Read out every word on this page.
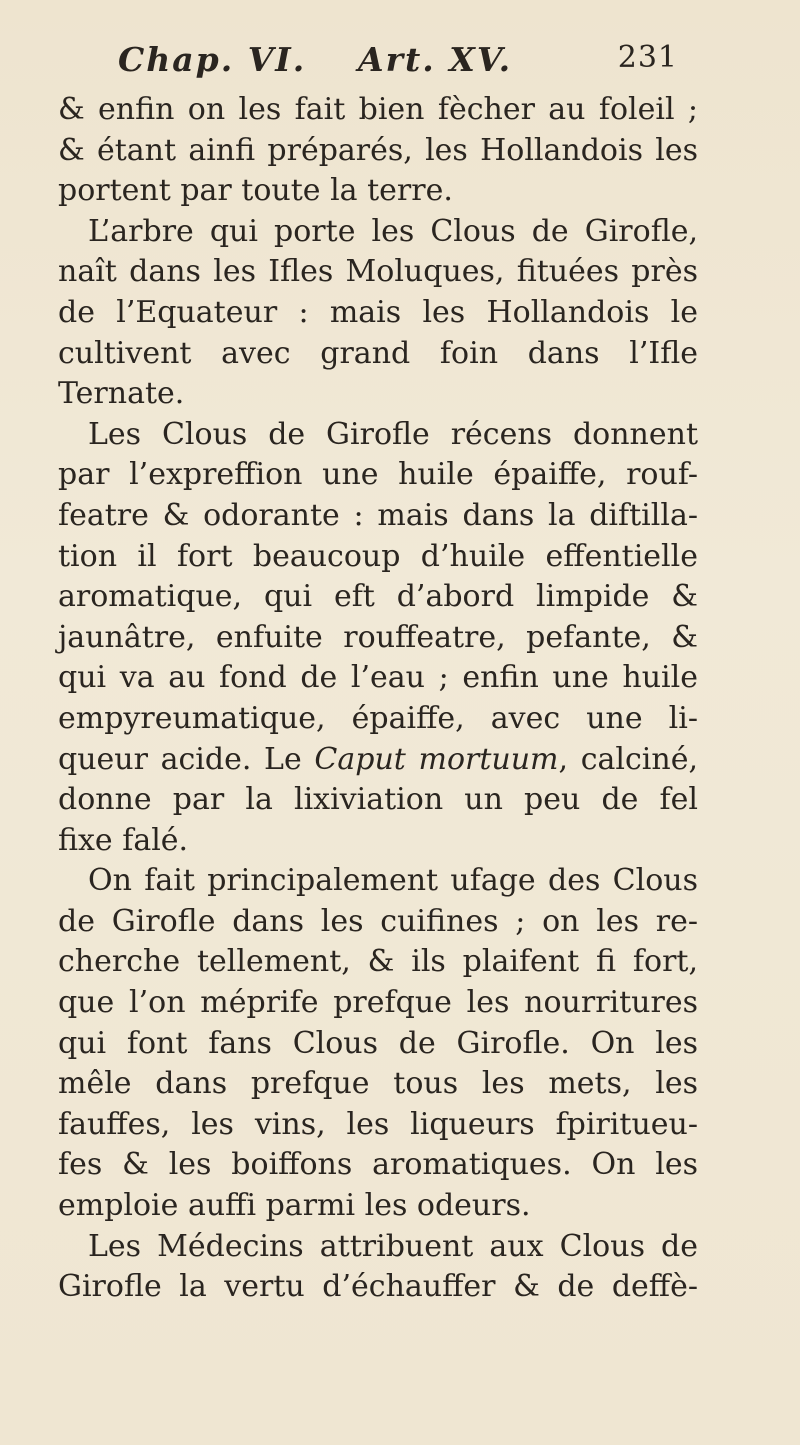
Chap. VI. Art. XV.	231
& enfin on les fait bien fècher au foleil ;
& étant ainfi préparés, les Hollandois les
portent par toute la terre.
L’arbre qui porte les Clous de Girofle,
naît dans les Ifles Moluques, fituées près
de l’Equateur : mais les Hollandois le
cultivent avec grand foin dans l’Ifle
Ternate.
Les Clous de Girofle récens donnent
par l’expreffion une huile épaiffe, rouf-
featre & odorante : mais dans la diftilla-
tion il fort beaucoup d’huile effentielle
aromatique, qui eft d’abord limpide &
jaunâtre, enfuite rouffeatre, pefante, &
qui va au fond de l’eau ; enfin une huile
empyreumatique, épaiffe, avec une li-
queur acide. Le Caput mortuum, calciné,
donne par la lixiviation un peu de fel
fixe falé.
On fait principalement ufage des Clous
de Girofle dans les cuifines ; on les re-
cherche tellement, & ils plaifent fi fort,
que l’on méprife prefque les nourritures
qui font fans Clous de Girofle. On les
mêle dans prefque tous les mets, les
fauffes, les vins, les liqueurs fpiritueu-
fes & les boiffons aromatiques. On les
emploie auffi parmi les odeurs.
Les Médecins attribuent aux Clous de
Girofle la vertu d’échauffer & de deffè-
